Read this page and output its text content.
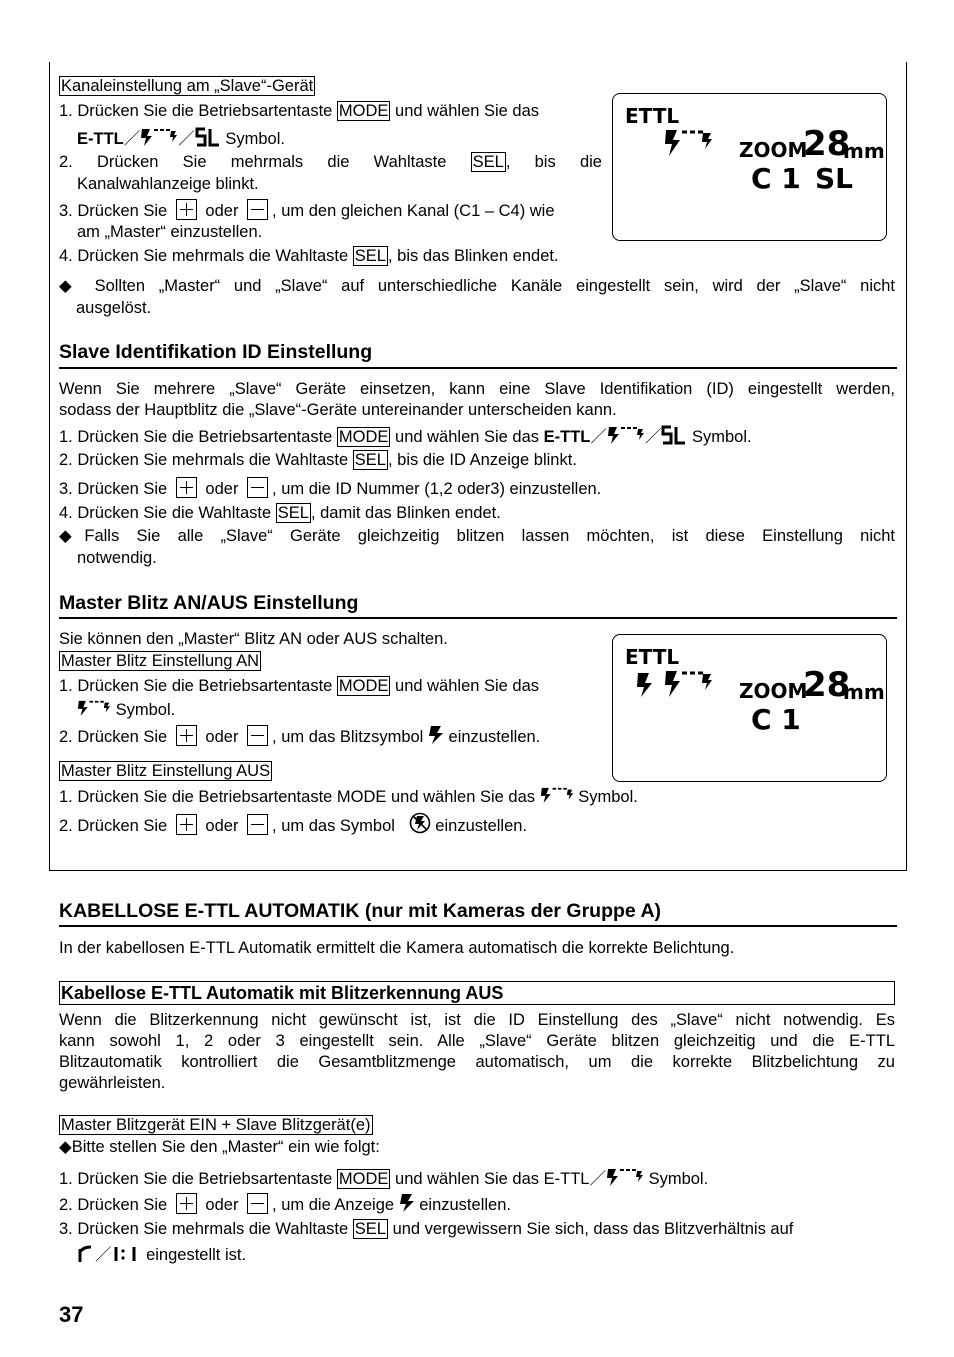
Kanaleinstellung am „Slave“-Gerät
1. Drücken Sie die Betriebsartentaste MODE und wählen Sie das
E-TTL／ ／ Symbol.
2. Drücken Sie mehrmals die Wahltaste SEL , bis die
Kanalwahlanzeige blinkt.
3. Drücken Sie oder , um den gleichen Kanal (C1 – C4) wie
am „Master“ einzustellen.
4. Drücken Sie mehrmals die Wahltaste SEL , bis das Blinken endet.
◆ Sollten „Master“ und „Slave“ auf unterschiedliche Kanäle eingestellt sein, wird der „Slave“ nicht
ausgelöst.
ETTL
ZOOM
28
mm
C 1 SL
Slave Identifikation ID Einstellung
Wenn Sie mehrere „Slave“ Geräte einsetzen, kann eine Slave Identifikation (ID) eingestellt werden,
sodass der Hauptblitz die „Slave“-Geräte untereinander unterscheiden kann.
1. Drücken Sie die Betriebsartentaste MODE und wählen Sie das E-TTL／ ／ Symbol.
2. Drücken Sie mehrmals die Wahltaste SEL , bis die ID Anzeige blinkt.
3. Drücken Sie oder , um die ID Nummer (1,2 oder3) einzustellen.
4. Drücken Sie die Wahltaste SEL , damit das Blinken endet.
◆Falls Sie alle „Slave“ Geräte gleichzeitig blitzen lassen möchten, ist diese Einstellung nicht
notwendig.
Master Blitz AN/AUS Einstellung
Sie können den „Master“ Blitz AN oder AUS schalten.
Master Blitz Einstellung AN
1. Drücken Sie die Betriebsartentaste MODE und wählen Sie das
Symbol.
2. Drücken Sie oder , um das Blitzsymbol einzustellen.
Master Blitz Einstellung AUS
1. Drücken Sie die Betriebsartentaste MODE und wählen Sie das	Symbol.
2. Drücken Sie oder , um das Symbol einzustellen.
ETTL
ZOOM
28
mm
C 1
KABELLOSE E-TTL AUTOMATIK (nur mit Kameras der Gruppe A)
In der kabellosen E-TTL Automatik ermittelt die Kamera automatisch die korrekte Belichtung.
Kabellose E-TTL Automatik mit Blitzerkennung AUS
Wenn die Blitzerkennung nicht gewünscht ist, ist die ID Einstellung des „Slave“ nicht notwendig. Es
kann sowohl 1, 2 oder 3 eingestellt sein. Alle „Slave“ Geräte blitzen gleichzeitig und die E-TTL
Blitzautomatik kontrolliert die Gesamtblitzmenge automatisch, um die korrekte Blitzbelichtung zu
gewährleisten.
Master Blitzgerät EIN + Slave Blitzgerät(e)
◆Bitte stellen Sie den „Master“ ein wie folgt:
1. Drücken Sie die Betriebsartentaste MODE und wählen Sie das E-TTL／	Symbol.
2. Drücken Sie oder , um die Anzeige einzustellen.
3. Drücken Sie mehrmals die Wahltaste SEL und vergewissern Sie sich, dass das Blitzverhältnis auf
／ eingestellt ist.
37
